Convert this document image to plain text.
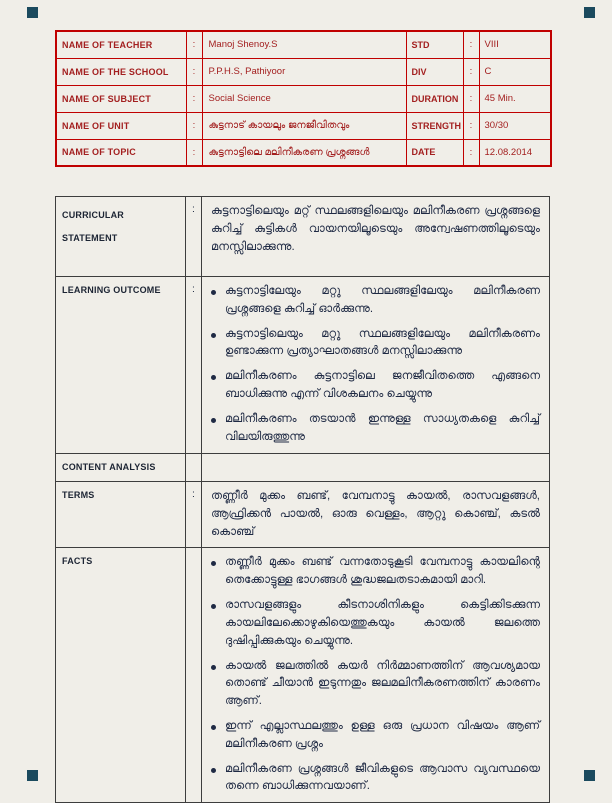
NAME OF TEACHER	:	Manoj Shenoy.S	STD	:	VIII
NAME OF THE SCHOOL	:	P.P.H.S, Pathiyoor	DIV	:	C
NAME OF SUBJECT	:	Social Science	DURATION	:	45 Min.
NAME OF UNIT	:	കുട്ടനാട് കായലും ജനജീവിതവും	STRENGTH	:	30/30
NAME OF TOPIC	:	കുട്ടനാട്ടിലെ മലിനീകരണ പ്രശ്നങ്ങൾ	DATE	:	12.08.2014
CURRICULAR STATEMENT	:	കുട്ടനാട്ടിലെയും മറ്റ് സ്ഥലങ്ങളിലെയും മലിനീകരണ പ്രശ്നങ്ങളെ കുറിച്ച് കുട്ടികൾ വായനയിലൂടെയും അന്വേഷണത്തിലൂടെയും മനസ്സിലാക്കുന്നു.

LEARNING OUTCOME	:	കുട്ടനാട്ടിലേയും മറ്റു സ്ഥലങ്ങളിലേയും മലിനീകരണ പ്രശ്നങ്ങളെ കുറിച്ച് ഓർക്കുന്നു.
കുട്ടനാട്ടിലെയും മറ്റു സ്ഥലങ്ങളിലേയും മലിനീകരണം ഉണ്ടാക്കുന്ന പ്രത്യാഘാതങ്ങൾ മനസ്സിലാക്കുന്നു
മലിനീകരണം കുട്ടനാട്ടിലെ ജനജീവിതത്തെ എങ്ങനെ ബാധിക്കുന്നു എന്ന് വിശകലനം ചെയ്യുന്നു
മലിനീകരണം തടയാൻ ഇന്നുള്ള സാധ്യതകളെ കുറിച്ച് വിലയിരുത്തുന്നു

CONTENT ANALYSIS		
TERMS	:	തണ്ണീർ മുക്കം ബണ്ട്, വേമ്പനാട്ടു കായൽ, രാസവളങ്ങൾ, ആഫ്രിക്കൻ പായൽ, ഓരു വെള്ളം, ആറ്റു കൊഞ്ച്, കടൽ കൊഞ്ച്

FACTS		തണ്ണീർ മുക്കം ബണ്ട് വന്നതോടുകൂടി വേമ്പനാട്ടു കായലിന്റെ തെക്കോട്ടുള്ള ഭാഗങ്ങൾ ശുദ്ധജലതടാകമായി മാറി.
രാസവളങ്ങളും കീടനാശിനികളും കെട്ടിക്കിടക്കുന്ന കായലിലേക്കൊഴുകിയെത്തുകയും കായൽ ജലത്തെ ദുഷിപ്പിക്കുകയും ചെയ്യുന്നു.
കായൽ ജലത്തിൽ കയർ നിർമ്മാണത്തിന് ആവശ്യമായ തൊണ്ട് ചീയാൻ ഇടുന്നതും ജലമലിനീകരണത്തിന് കാരണം ആണ്.
ഇന്ന് എല്ലാസ്ഥലത്തും ഉള്ള ഒരു പ്രധാന വിഷയം ആണ് മലിനീകരണ പ്രശ്നം
മലിനീകരണ പ്രശ്നങ്ങൾ ജീവികളുടെ ആവാസ വ്യവസ്ഥയെ തന്നെ ബാധിക്കുന്നവയാണ്.
